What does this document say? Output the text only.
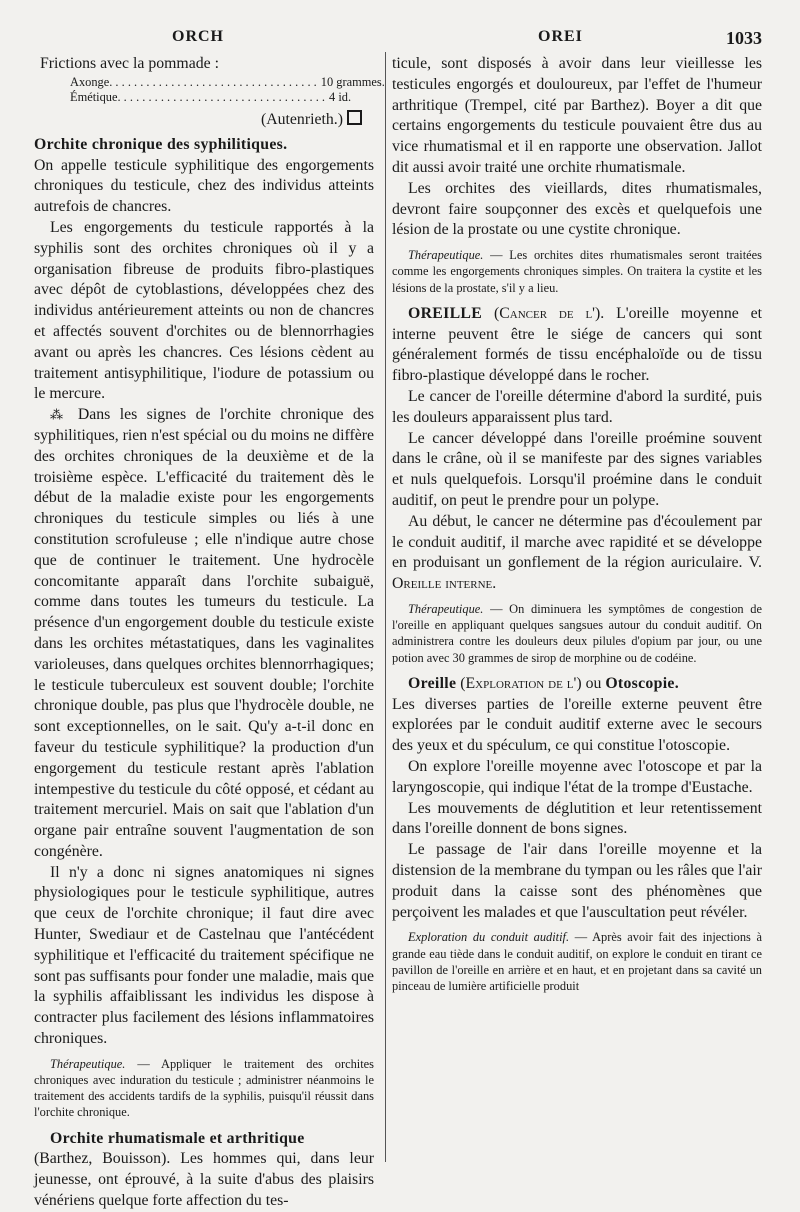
ORCH	OREI	1033

Frictions avec la pommade :

Axonge . . .	10 grammes.
Émétique . . .	4 id.
(Autenrieth.)

Orchite chronique des syphilitiques.

On appelle testicule syphilitique des engorgements chroniques du testicule, chez des individus atteints autrefois de chancres.

Les engorgements du testicule rapportés à la syphilis sont des orchites chroniques où il y a organisation fibreuse de produits fibro-plastiques avec dépôt de cytoblastions, développées chez des individus antérieurement atteints ou non de chancres et affectés souvent d'orchites ou de blennorrhagies avant ou après les chancres. Ces lésions cèdent au traitement antisyphilitique, l'iodure de potassium ou le mercure.

⁂ Dans les signes de l'orchite chronique des syphilitiques, rien n'est spécial ou du moins ne diffère des orchites chroniques de la deuxième et de la troisième espèce. L'efficacité du traitement dès le début de la maladie existe pour les engorgements chroniques du testicule simples ou liés à une constitution scrofuleuse ; elle n'indique autre chose que de continuer le traitement. Une hydrocèle concomitante apparaît dans l'orchite subaiguë, comme dans toutes les tumeurs du testicule. La présence d'un engorgement double du testicule existe dans les orchites métastatiques, dans les vaginalites varioleuses, dans quelques orchites blennorrhagiques; le testicule tuberculeux est souvent double; l'orchite chronique double, pas plus que l'hydrocèle double, ne sont exceptionnelles, on le sait. Qu'y a-t-il donc en faveur du testicule syphilitique? la production d'un engorgement du testicule restant après l'ablation intempestive du testicule du côté opposé, et cédant au traitement mercuriel. Mais on sait que l'ablation d'un organe pair entraîne souvent l'augmentation de son congénère.

Il n'y a donc ni signes anatomiques ni signes physiologiques pour le testicule syphilitique, autres que ceux de l'orchite chronique; il faut dire avec Hunter, Swediaur et de Castelnau que l'antécédent syphilitique et l'efficacité du traitement spécifique ne sont pas suffisants pour fonder une maladie, mais que la syphilis affaiblissant les individus les dispose à contracter plus facilement des lésions inflammatoires chroniques.

Thérapeutique. — Appliquer le traitement des orchites chroniques avec induration du testicule ; administrer néanmoins le traitement des accidents tardifs de la syphilis, puisqu'il réussit dans l'orchite chronique.

Orchite rhumatismale et arthritique

(Barthez, Bouisson). Les hommes qui, dans leur jeunesse, ont éprouvé, à la suite d'abus des plaisirs vénériens quelque forte affection du tes-

ticule, sont disposés à avoir dans leur vieillesse les testicules engorgés et douloureux, par l'effet de l'humeur arthritique (Trempel, cité par Barthez). Boyer a dit que certains engorgements du testicule pouvaient être dus au vice rhumatismal et il en rapporte une observation. Jallot dit aussi avoir traité une orchite rhumatismale.

Les orchites des vieillards, dites rhumatismales, devront faire soupçonner des excès et quelquefois une lésion de la prostate ou une cystite chronique.

Thérapeutique. — Les orchites dites rhumatismales seront traitées comme les engorgements chroniques simples. On traitera la cystite et les lésions de la prostate, s'il y a lieu.

OREILLE (Cancer de l'). L'oreille moyenne et interne peuvent être le siége de cancers qui sont généralement formés de tissu encéphaloïde ou de tissu fibro-plastique développé dans le rocher.

Le cancer de l'oreille détermine d'abord la surdité, puis les douleurs apparaissent plus tard.

Le cancer développé dans l'oreille proémine souvent dans le crâne, où il se manifeste par des signes variables et nuls quelquefois. Lorsqu'il proémine dans le conduit auditif, on peut le prendre pour un polype.

Au début, le cancer ne détermine pas d'écoulement par le conduit auditif, il marche avec rapidité et se développe en produisant un gonflement de la région auriculaire. V. Oreille interne.

Thérapeutique. — On diminuera les symptômes de congestion de l'oreille en appliquant quelques sangsues autour du conduit auditif. On administrera contre les douleurs deux pilules d'opium par jour, ou une potion avec 30 grammes de sirop de morphine ou de codéine.

Oreille (Exploration de l') ou Otoscopie.

Les diverses parties de l'oreille externe peuvent être explorées par le conduit auditif externe avec le secours des yeux et du spéculum, ce qui constitue l'otoscopie.

On explore l'oreille moyenne avec l'otoscope et par la laryngoscopie, qui indique l'état de la trompe d'Eustache.

Les mouvements de déglutition et leur retentissement dans l'oreille donnent de bons signes.

Le passage de l'air dans l'oreille moyenne et la distension de la membrane du tympan ou les râles que l'air produit dans la caisse sont des phénomènes que perçoivent les malades et que l'auscultation peut révéler.

Exploration du conduit auditif. — Après avoir fait des injections à grande eau tiède dans le conduit auditif, on explore le conduit en tirant ce pavillon de l'oreille en arrière et en haut, et en projetant dans sa cavité un pinceau de lumière artificielle produit
